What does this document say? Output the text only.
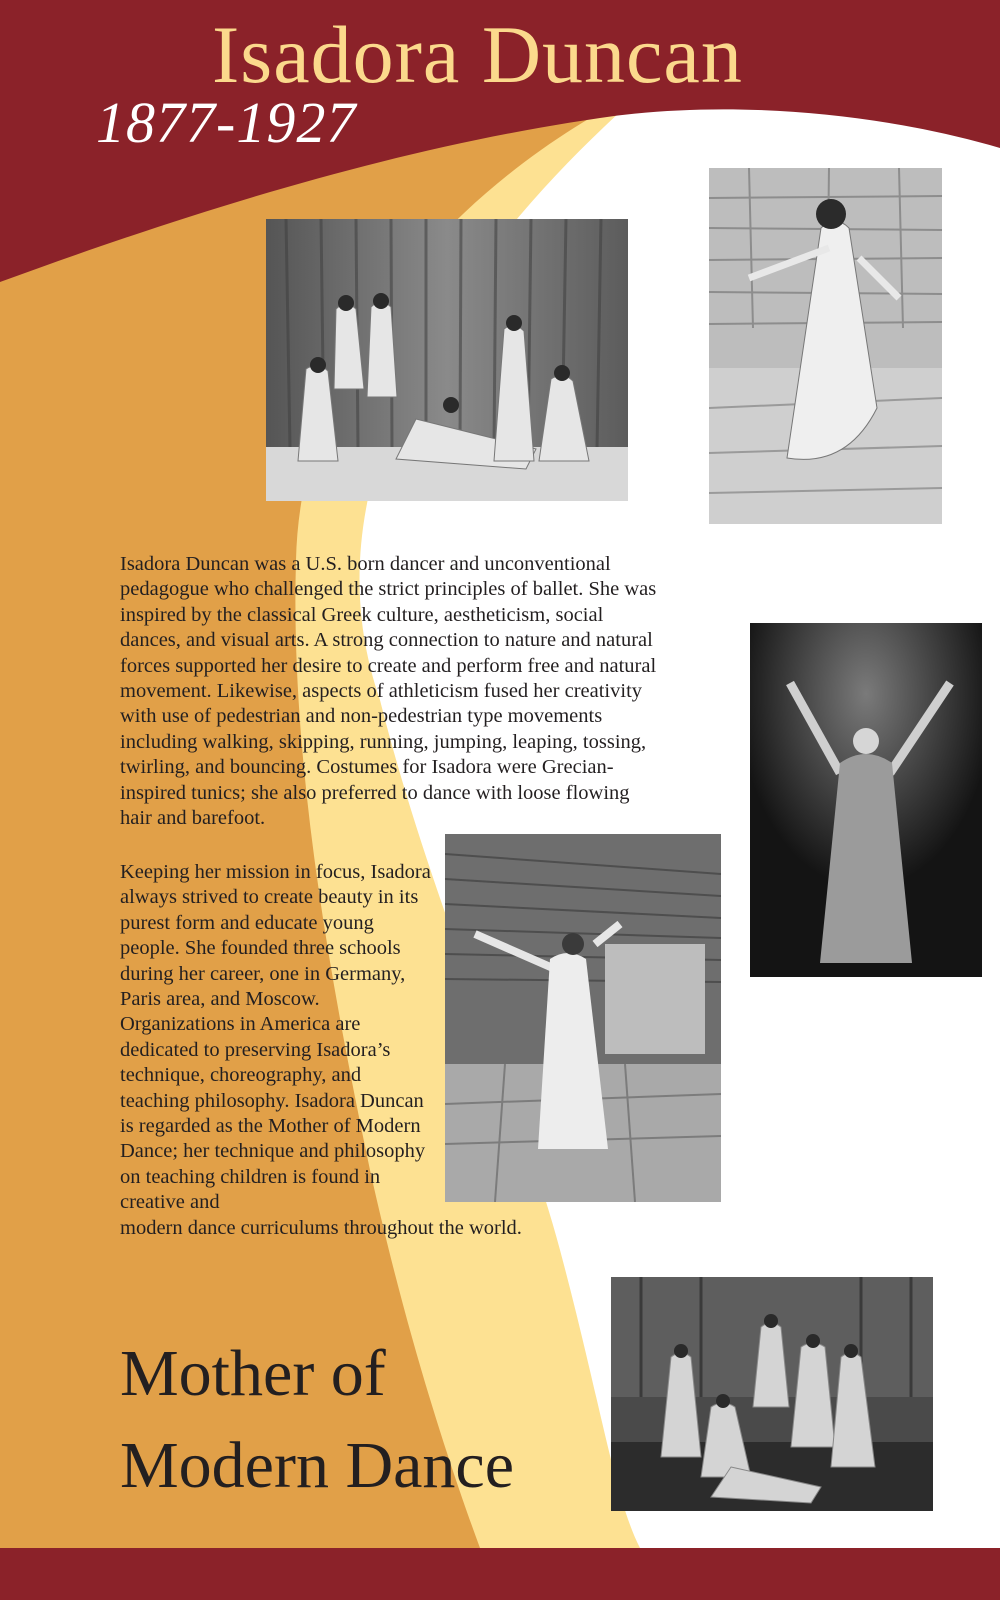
Isadora Duncan
1877-1927

Isadora Duncan was a U.S. born dancer and unconventional pedagogue who challenged the strict principles of ballet. She was inspired by the classical Greek culture, aestheticism, social dances, and visual arts. A strong connection to nature and natural forces supported her desire to create and perform free and natural movement. Likewise, aspects of athleticism fused her creativity with use of pedestrian and non-pedestrian type movements including walking, skipping, running, jumping, leaping, tossing, twirling, and bouncing. Costumes for Isadora were Grecian-inspired tunics; she also preferred to dance with loose flowing hair and barefoot.

Keeping her mission in focus, Isadora always strived to create beauty in its purest form and educate young people. She founded three schools during her career, one in Germany, Paris area, and Moscow. Organizations in America are dedicated to preserving Isadora’s technique, choreography, and teaching philosophy. Isadora Duncan is regarded as the Mother of Modern Dance; her technique and philosophy on teaching children is found in creative and
modern dance curriculums throughout the world.

Mother of
Modern Dance
